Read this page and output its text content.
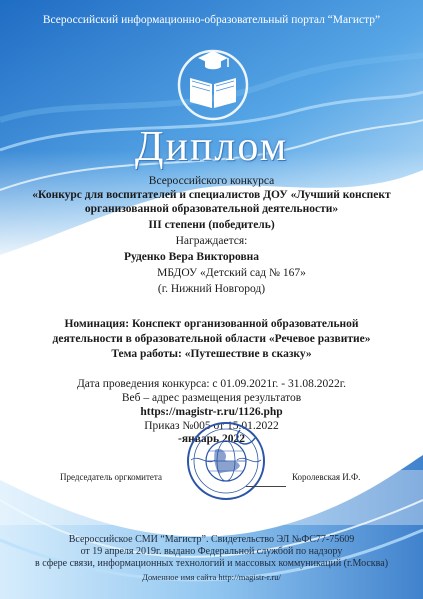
Всероссийский информационно-образовательный портал “Магистр”
Диплом
Всероссийского конкурса
«Конкурс для воспитателей и специалистов ДОУ «Лучший конспект
организованной образовательной деятельности»
III степени (победитель)
Награждается:
Руденко Вера Викторовна
МБДОУ «Детский сад № 167»
(г. Нижний Новгород)
Номинация: Конспект организованной образовательной
деятельности в образовательной области «Речевое развитие»
Тема работы: «Путешествие в сказку»
Дата проведения конкурса: с 01.09.2021г. - 31.08.2022г.
Веб – адрес размещения результатов
https://magistr-r.ru/1126.php
Приказ №005 от 15.01.2022
-январь 2022
Председатель оргкомитета	Королевская И.Ф.
Всероссийское СМИ “Магистр”. Свидетельство ЭЛ №ФС77-75609
от 19 апреля 2019г. выдано Федеральной службой по надзору
в сфере связи, информационных технологий и массовых коммуникаций (г.Москва)
Доменное имя сайта http://magistr-r.ru/
